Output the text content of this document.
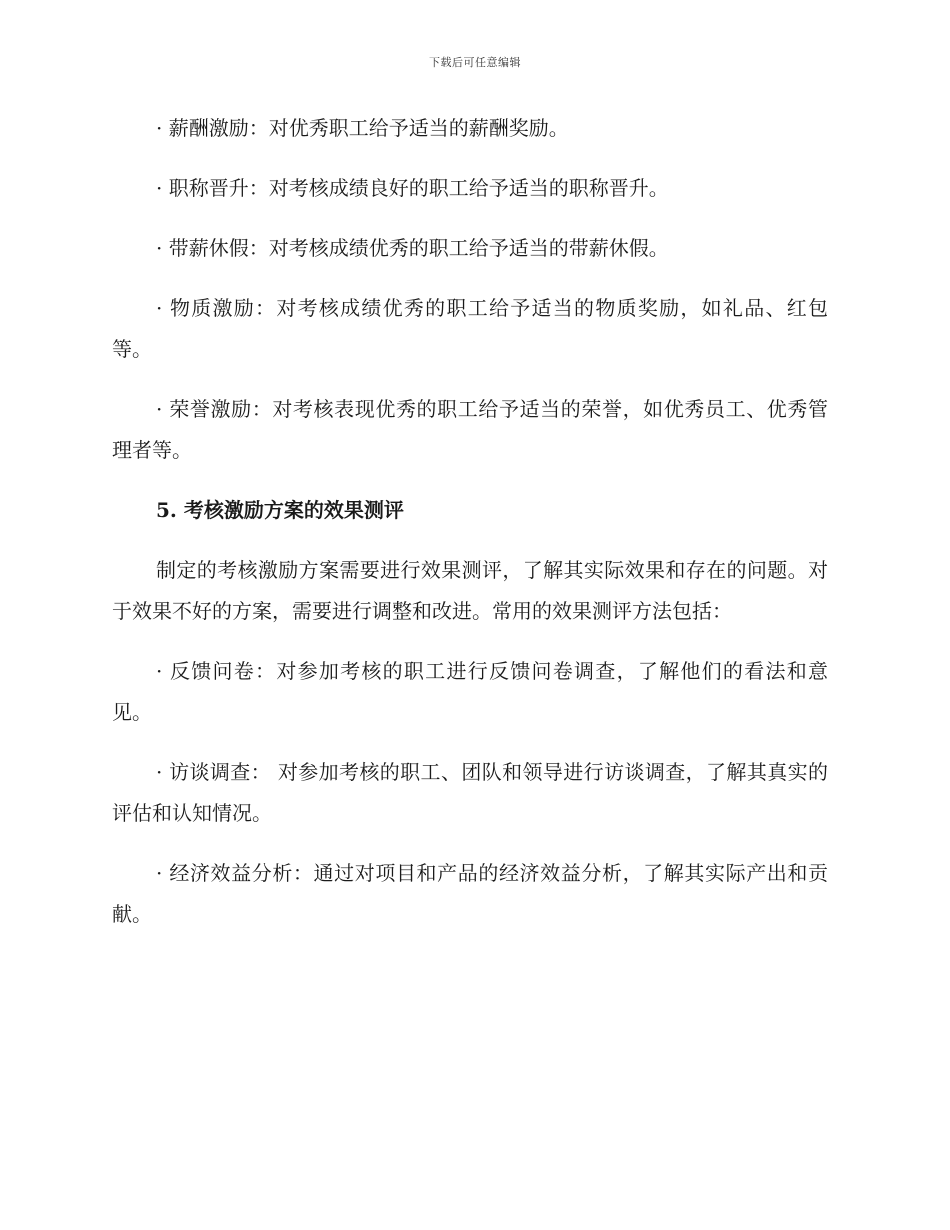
下载后可任意编辑

· 薪酬激励：对优秀职工给予适当的薪酬奖励。

· 职称晋升：对考核成绩良好的职工给予适当的职称晋升。

· 带薪休假：对考核成绩优秀的职工给予适当的带薪休假。

· 物质激励：对考核成绩优秀的职工给予适当的物质奖励，如礼品、红包等。

· 荣誉激励：对考核表现优秀的职工给予适当的荣誉，如优秀员工、优秀管理者等。

5. 考核激励方案的效果测评

制定的考核激励方案需要进行效果测评，了解其实际效果和存在的问题。对于效果不好的方案，需要进行调整和改进。常用的效果测评方法包括：

· 反馈问卷：对参加考核的职工进行反馈问卷调查，了解他们的看法和意见。

· 访谈调查： 对参加考核的职工、团队和领导进行访谈调查，了解其真实的评估和认知情况。

· 经济效益分析：通过对项目和产品的经济效益分析，了解其实际产出和贡献。
